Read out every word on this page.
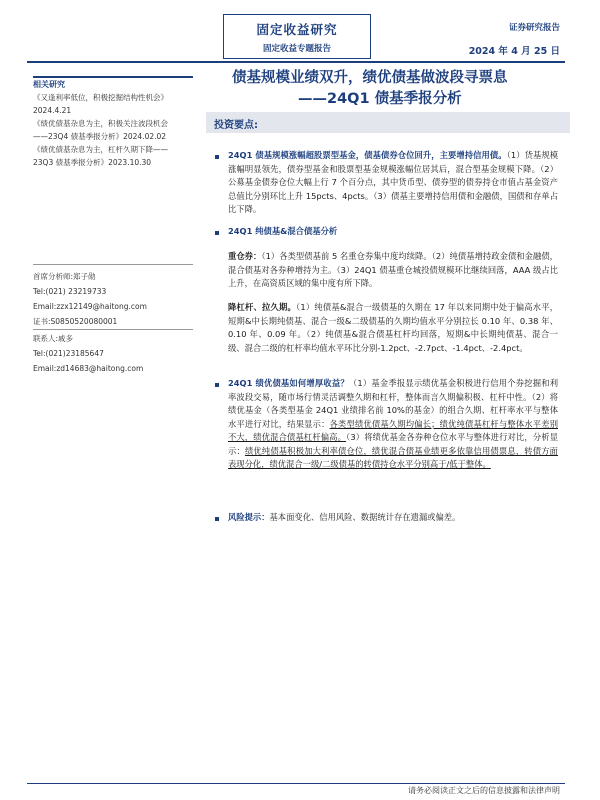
固定收益研究
固定收益专题报告
证券研究报告
2024 年 4 月 25 日
债基规模业绩双升，绩优债基做波段寻票息
——24Q1 债基季报分析
相关研究
《又逢利率低位，积极挖掘结构性机会》
2024.4.21
《绩优债基杂息为主，积极关注波段机会
——23Q4 债基季报分析》2024.02.02
《绩优债基杂息为主，杠杆久期下降——
23Q3 债基季报分析》2023.10.30
首席分析师:郑子勋
Tel:(021) 23219733
Email:zzx12149@haitong.com
证书:S0850520080001
联系人:戚多
Tel:(021)23185647
Email:zd14683@haitong.com
投资要点:
24Q1 债基规模涨幅超股票型基金，债基债券仓位回升，主要增持信用债。（1）货基规模涨幅明显领先，债券型基金和股票型基金规模涨幅位居其后，混合型基金规模下降。（2）公募基金债券仓位大幅上行 7 个百分点，其中货币型、债券型的债券持仓市值占基金资产总值比分别环比上升 15pcts、4pcts。（3）债基主要增持信用债和金融债，国债和存单占比下降。
24Q1 纯债基&混合债基分析
重仓券：（1）各类型债基前 5 名重仓券集中度均续降。（2）纯债基增持政金债和金融债，混合债基对各券种增持为主。（3）24Q1 债基重仓城投债规模环比继续回落，AAA 级占比上升，在高资质区域的集中度有所下降。
降杠杆、拉久期。（1）纯债基&混合一级债基的久期在 17 年以来同期中处于偏高水平，短期&中长期纯债基、混合一级&二级债基的久期均值水平分别拉长 0.10 年、0.38 年、0.10 年、0.09 年。（2）纯债基&混合债基杠杆均回落，短期&中长期纯债基、混合一级、混合二级的杠杆率均值水平环比分别-1.2pct、-2.7pct、-1.4pct、-2.4pct。
24Q1 绩优债基如何增厚收益？（1）基金季报显示绩优基金积极进行信用个券挖掘和利率波段交易，随市场行情灵活调整久期和杠杆，整体而言久期偏积极、杠杆中性。（2）将绩优基金（各类型基金 24Q1 业绩排名前 10%的基金）的组合久期、杠杆率水平与整体水平进行对比，结果显示：各类型绩优债基久期均偏长；绩优纯债基杠杆与整体水平差别不大，绩优混合债基杠杆偏高。（3）将绩优基金各券种仓位水平与整体进行对比，分析显示：绩优纯债基积极加大利率债仓位，绩优混合债基业绩更多依靠信用债票息，转债方面表现分化，绩优混合一级/二级债基的转债持仓水平分别高于/低于整体。
风险提示：基本面变化、信用风险、数据统计存在遗漏或偏差。
请务必阅读正文之后的信息披露和法律声明
